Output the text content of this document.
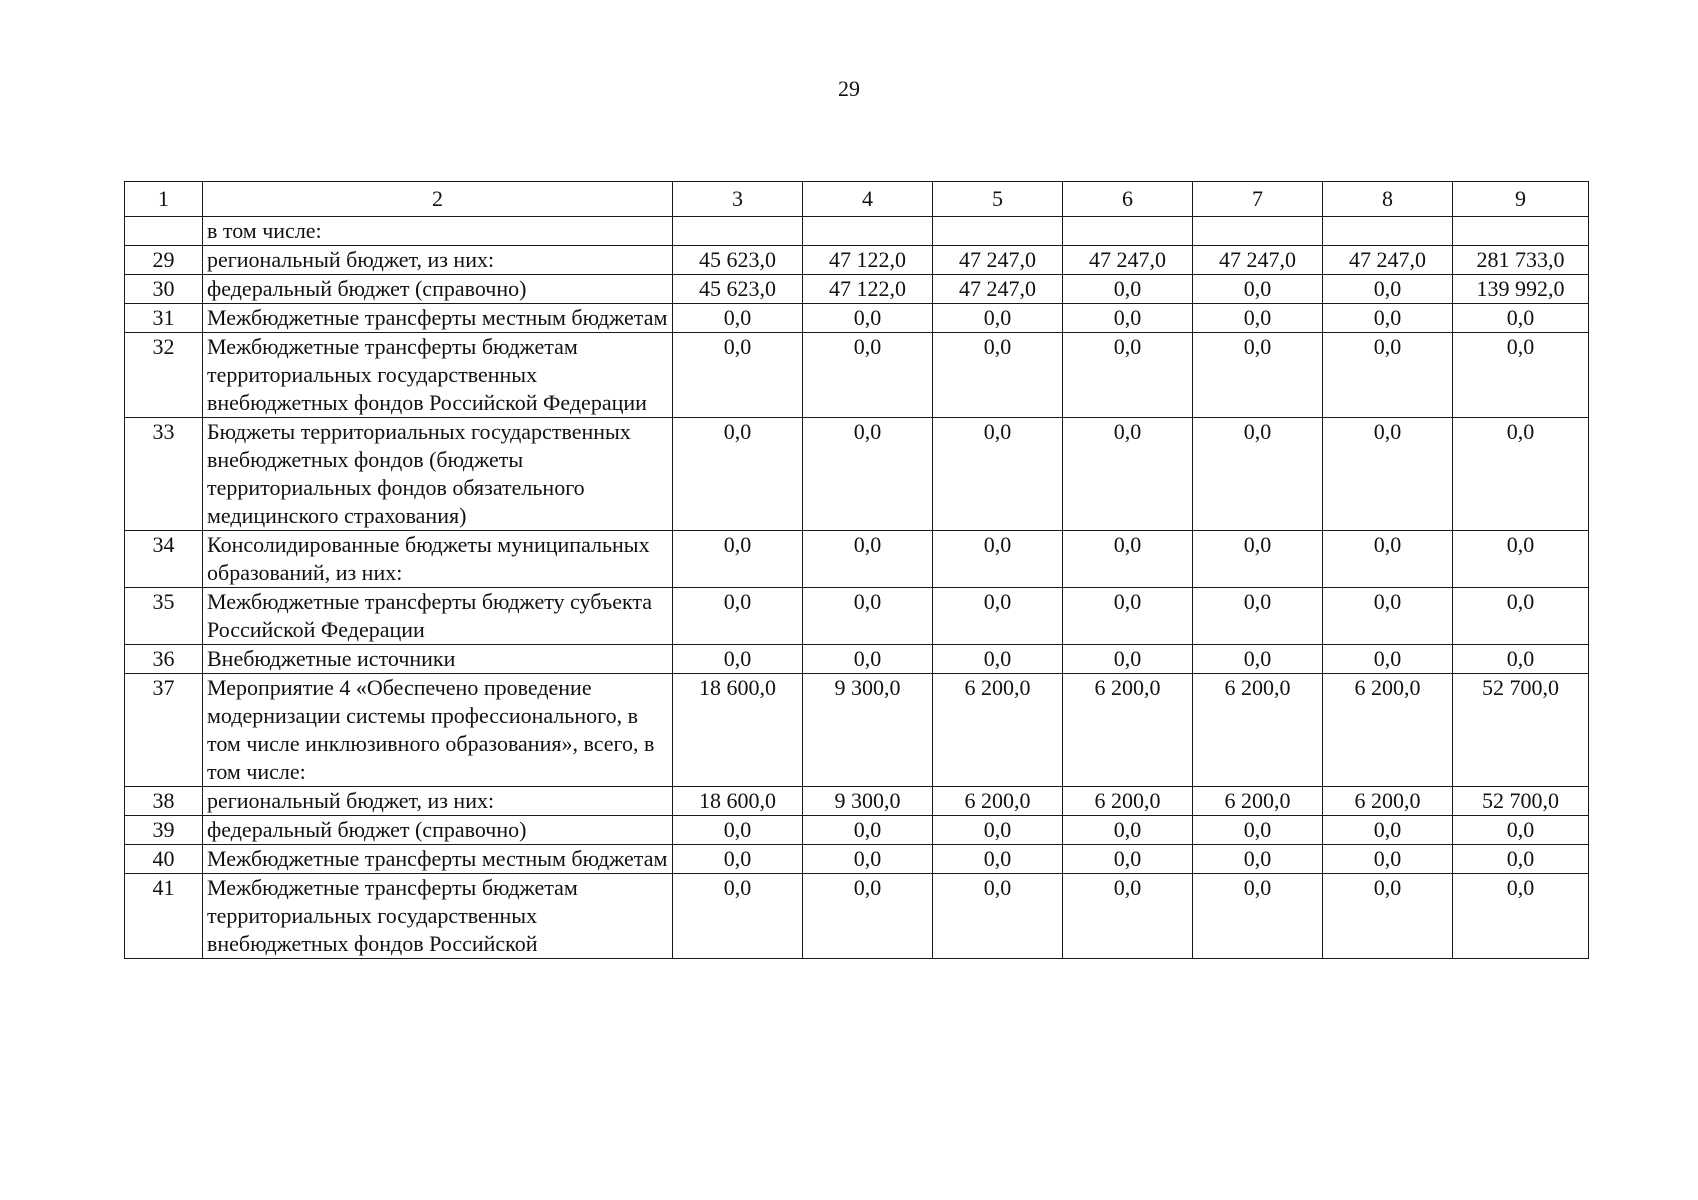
29
1	2	3	4	5	6	7	8	9
	в том числе:							
29	региональный бюджет, из них:	45 623,0	47 122,0	47 247,0	47 247,0	47 247,0	47 247,0	281 733,0
30	федеральный бюджет (справочно)	45 623,0	47 122,0	47 247,0	0,0	0,0	0,0	139 992,0
31	Межбюджетные трансферты местным бюджетам	0,0	0,0	0,0	0,0	0,0	0,0	0,0
32	Межбюджетные трансферты бюджетам территориальных государственных внебюджетных фондов Российской Федерации	0,0	0,0	0,0	0,0	0,0	0,0	0,0
33	Бюджеты территориальных государственных внебюджетных фондов (бюджеты территориальных фондов обязательного медицинского страхования)	0,0	0,0	0,0	0,0	0,0	0,0	0,0
34	Консолидированные бюджеты муниципальных образований, из них:	0,0	0,0	0,0	0,0	0,0	0,0	0,0
35	Межбюджетные трансферты бюджету субъекта Российской Федерации	0,0	0,0	0,0	0,0	0,0	0,0	0,0
36	Внебюджетные источники	0,0	0,0	0,0	0,0	0,0	0,0	0,0
37	Мероприятие 4 «Обеспечено проведение модернизации системы профессионального, в том числе инклюзивного образования», всего, в том числе:	18 600,0	9 300,0	6 200,0	6 200,0	6 200,0	6 200,0	52 700,0
38	региональный бюджет, из них:	18 600,0	9 300,0	6 200,0	6 200,0	6 200,0	6 200,0	52 700,0
39	федеральный бюджет (справочно)	0,0	0,0	0,0	0,0	0,0	0,0	0,0
40	Межбюджетные трансферты местным бюджетам	0,0	0,0	0,0	0,0	0,0	0,0	0,0
41	Межбюджетные трансферты бюджетам территориальных государственных внебюджетных фондов Российской	0,0	0,0	0,0	0,0	0,0	0,0	0,0
